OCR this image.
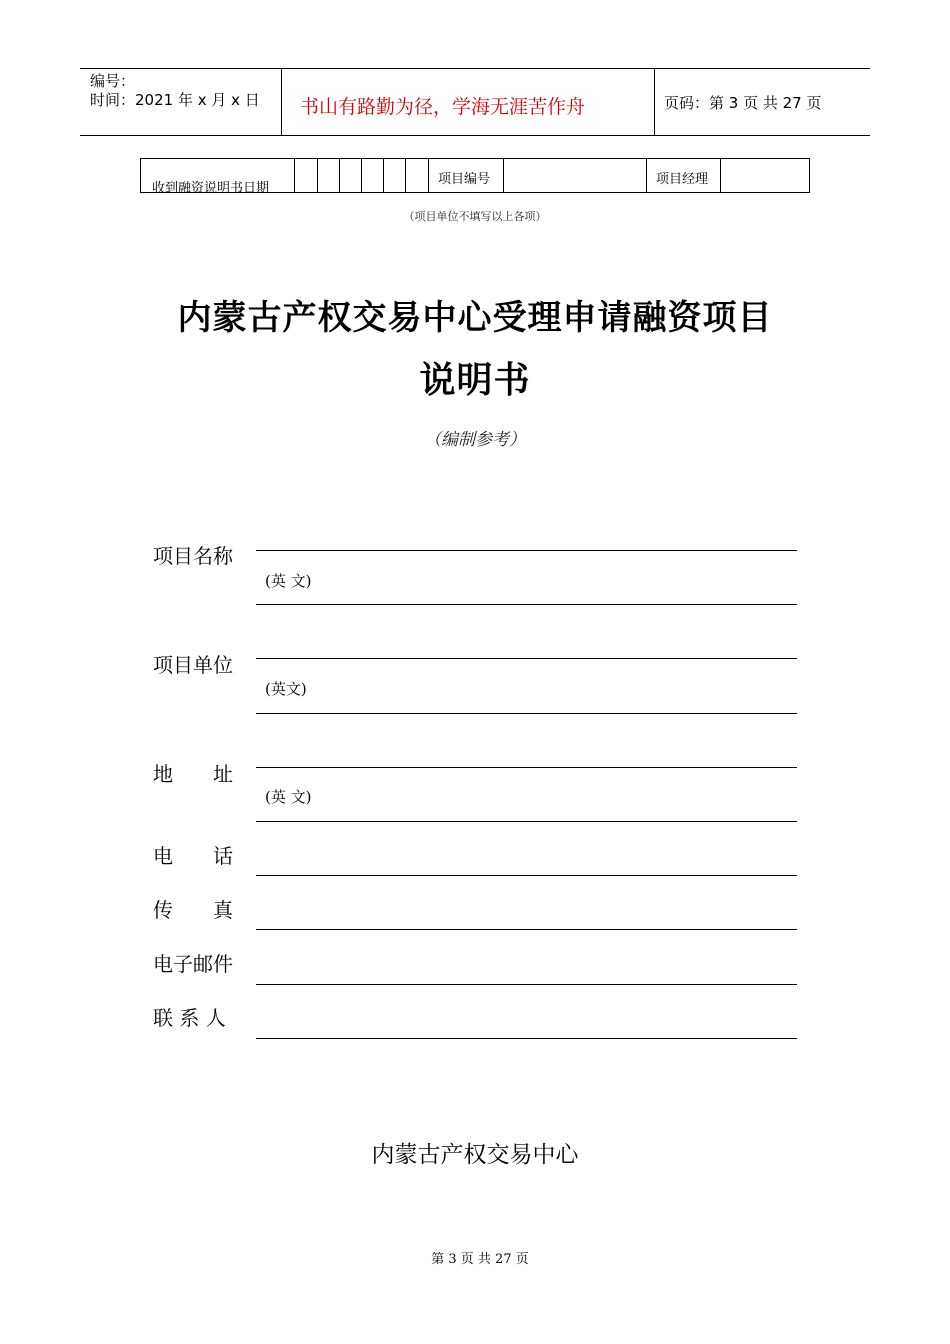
编号：
时间：2021 年 x 月 x 日 书山有路勤为径，学海无涯苦作舟	页码：第 3 页 共 27 页
收到融资说明书日期
项目编号	项目经理
（项目单位不填写以上各项）
内蒙古产权交易中心受理申请融资项目
说明书
（编制参考）
项目名称
(英 文)
项目单位
(英文)
地　　址
(英 文)
电　　话
传　　真
电子邮件
联 系 人
内蒙古产权交易中心
第 3 页 共 27 页
